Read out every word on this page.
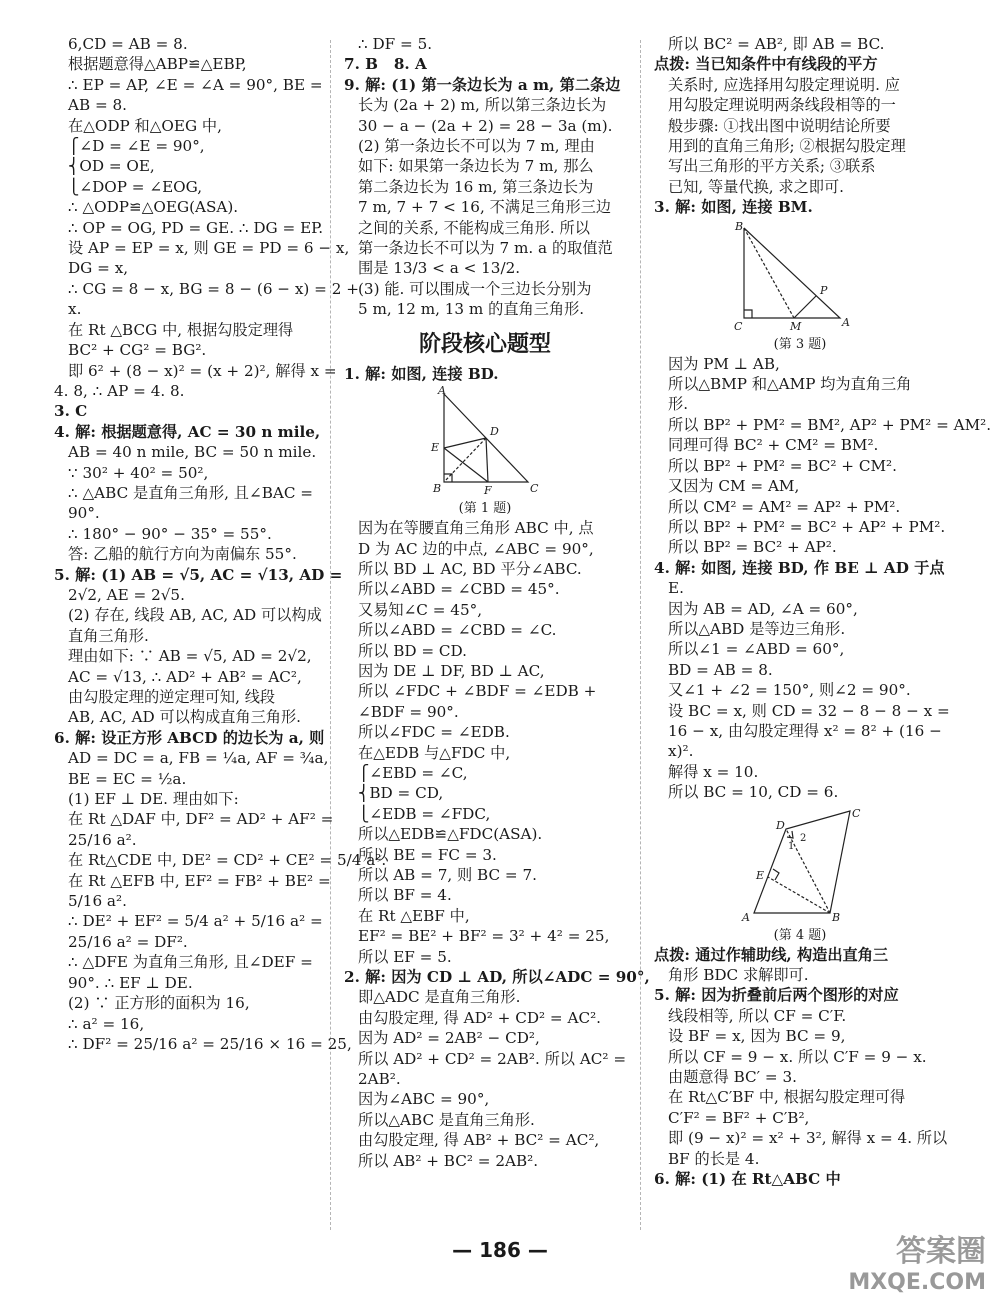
6,CD = AB = 8.
根据题意得△ABP≌△EBP,
∴ EP = AP, ∠E = ∠A = 90°, BE =
AB = 8.
在△ODP 和△OEG 中,
⎧∠D = ∠E = 90°,
⎨OD = OE,
⎩∠DOP = ∠EOG,
∴ △ODP≌△OEG(ASA).
∴ OP = OG, PD = GE. ∴ DG = EP.
设 AP = EP = x, 则 GE = PD = 6 − x,
DG = x,
∴ CG = 8 − x, BG = 8 − (6 − x) = 2 +
x.
在 Rt △BCG 中, 根据勾股定理得
BC² + CG² = BG².
即 6² + (8 − x)² = (x + 2)², 解得 x =
4. 8, ∴ AP = 4. 8.
3. C
4. 解: 根据题意得, AC = 30 n mile,
AB = 40 n mile, BC = 50 n mile.
∵ 30² + 40² = 50²,
∴ △ABC 是直角三角形, 且∠BAC =
90°.
∴ 180° − 90° − 35° = 55°.
答: 乙船的航行方向为南偏东 55°.
5. 解: (1) AB = √5, AC = √13, AD =
2√2, AE = 2√5.
(2) 存在, 线段 AB, AC, AD 可以构成
直角三角形.
理由如下: ∵ AB = √5, AD = 2√2,
AC = √13, ∴ AD² + AB² = AC²,
由勾股定理的逆定理可知, 线段
AB, AC, AD 可以构成直角三角形.
6. 解: 设正方形 ABCD 的边长为 a, 则
AD = DC = a, FB = ¼a, AF = ¾a,
BE = EC = ½a.
(1) EF ⊥ DE. 理由如下:
在 Rt △DAF 中, DF² = AD² + AF² =
25/16 a².
在 Rt△CDE 中, DE² = CD² + CE² = 5/4 a².
在 Rt △EFB 中, EF² = FB² + BE² =
5/16 a².
∴ DE² + EF² = 5/4 a² + 5/16 a² =
25/16 a² = DF².
∴ △DFE 为直角三角形, 且∠DEF =
90°. ∴ EF ⊥ DE.
(2) ∵ 正方形的面积为 16,
∴ a² = 16,
∴ DF² = 25/16 a² = 25/16 × 16 = 25,
∴ DF = 5.
7. B   8. A
9. 解: (1) 第一条边长为 a m, 第二条边
长为 (2a + 2) m, 所以第三条边长为
30 − a − (2a + 2) = 28 − 3a (m).
(2) 第一条边长不可以为 7 m, 理由
如下: 如果第一条边长为 7 m, 那么
第二条边长为 16 m, 第三条边长为
7 m, 7 + 7 < 16, 不满足三角形三边
之间的关系, 不能构成三角形. 所以
第一条边长不可以为 7 m. a 的取值范
围是 13/3 < a < 13/2.
(3) 能. 可以围成一个三边长分别为
5 m, 12 m, 13 m 的直角三角形.
阶段核心题型
1. 解: 如图, 连接 BD.
A
D
E
B	F	C
(第 1 题)
因为在等腰直角三角形 ABC 中, 点
D 为 AC 边的中点, ∠ABC = 90°,
所以 BD ⊥ AC, BD 平分∠ABC.
所以∠ABD = ∠CBD = 45°.
又易知∠C = 45°,
所以∠ABD = ∠CBD = ∠C.
所以 BD = CD.
因为 DE ⊥ DF, BD ⊥ AC,
所以 ∠FDC + ∠BDF = ∠EDB +
∠BDF = 90°.
所以∠FDC = ∠EDB.
在△EDB 与△FDC 中,
⎧∠EBD = ∠C,
⎨BD = CD,
⎩∠EDB = ∠FDC,
所以△EDB≌△FDC(ASA).
所以 BE = FC = 3.
所以 AB = 7, 则 BC = 7.
所以 BF = 4.
在 Rt △EBF 中,
EF² = BE² + BF² = 3² + 4² = 25,
所以 EF = 5.
2. 解: 因为 CD ⊥ AD, 所以∠ADC = 90°,
即△ADC 是直角三角形.
由勾股定理, 得 AD² + CD² = AC².
因为 AD² = 2AB² − CD²,
所以 AD² + CD² = 2AB². 所以 AC² =
2AB².
因为∠ABC = 90°,
所以△ABC 是直角三角形.
由勾股定理, 得 AB² + BC² = AC²,
所以 AB² + BC² = 2AB².
所以 BC² = AB², 即 AB = BC.
点拨: 当已知条件中有线段的平方
关系时, 应选择用勾股定理说明. 应
用勾股定理说明两条线段相等的一
般步骤: ①找出图中说明结论所要
用到的直角三角形; ②根据勾股定理
写出三角形的平方关系; ③联系
已知, 等量代换, 求之即可.
3. 解: 如图, 连接 BM.
B
P
C	M	A
(第 3 题)
因为 PM ⊥ AB,
所以△BMP 和△AMP 均为直角三角
形.
所以 BP² + PM² = BM², AP² + PM² = AM².
同理可得 BC² + CM² = BM².
所以 BP² + PM² = BC² + CM².
又因为 CM = AM,
所以 CM² = AM² = AP² + PM².
所以 BP² + PM² = BC² + AP² + PM².
所以 BP² = BC² + AP².
4. 解: 如图, 连接 BD, 作 BE ⊥ AD 于点
E.
因为 AB = AD, ∠A = 60°,
所以△ABD 是等边三角形.
所以∠1 = ∠ABD = 60°,
BD = AB = 8.
又∠1 + ∠2 = 150°, 则∠2 = 90°.
设 BC = x, 则 CD = 32 − 8 − 8 − x =
16 − x, 由勾股定理得 x² = 8² + (16 −
x)².
解得 x = 10.
所以 BC = 10, CD = 6.
C
D
1
2
E
A	B
(第 4 题)
点拨: 通过作辅助线, 构造出直角三
角形 BDC 求解即可.
5. 解: 因为折叠前后两个图形的对应
线段相等, 所以 CF = C′F.
设 BF = x, 因为 BC = 9,
所以 CF = 9 − x. 所以 C′F = 9 − x.
由题意得 BC′ = 3.
在 Rt△C′BF 中, 根据勾股定理可得
C′F² = BF² + C′B²,
即 (9 − x)² = x² + 3², 解得 x = 4. 所以
BF 的长是 4.
6. 解: (1) 在 Rt△ABC 中
— 186 —	答案圈
MXQE.COM
